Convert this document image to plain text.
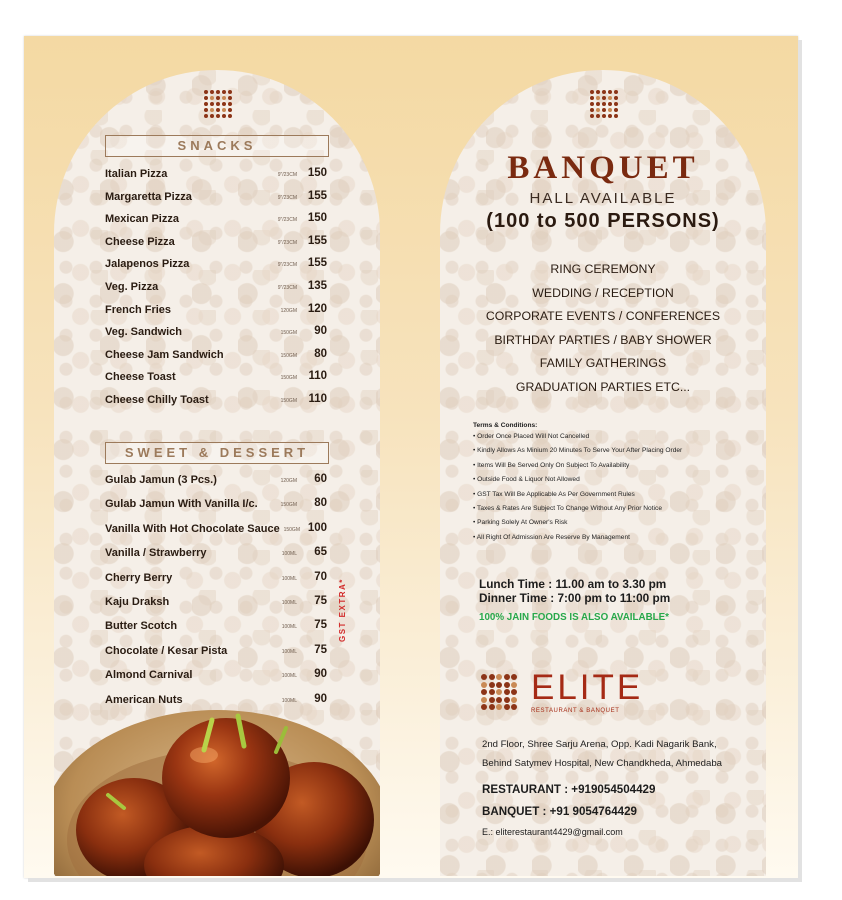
SNACKS
Italian Pizza	9"/23CM 150
Margaretta Pizza	9"/23CM 155
Mexican Pizza	9"/23CM 150
Cheese Pizza	9"/23CM 155
Jalapenos Pizza	9"/23CM 155
Veg. Pizza	9"/23CM 135
French Fries	120GM 120
Veg. Sandwich	150GM	90
Cheese Jam Sandwich	150GM	80
Cheese Toast	150GM 110
Cheese Chilly Toast	150GM 110
SWEET & DESSERT
Gulab Jamun (3 Pcs.)	120GM	60
Gulab Jamun With Vanilla I/c.	150GM	80
Vanilla With Hot Chocolate Sauce 150GM 100
Vanilla / Strawberry	100ML	65
Cherry Berry	100ML	70
Kaju Draksh	100ML	75
Butter Scotch	100ML	75
Chocolate / Kesar Pista	100ML	75
Almond Carnival	100ML	90
American Nuts	100ML	90
GST EXTRA*
BANQUET
HALL AVAILABLE
(100 to 500 PERSONS)
RING CEREMONY
WEDDING / RECEPTION
CORPORATE EVENTS / CONFERENCES
BIRTHDAY PARTIES / BABY SHOWER
FAMILY GATHERINGS
GRADUATION PARTIES ETC...
Terms & Conditions:
• Order Once Placed Will Not Cancelled
• Kindly Allows As Minium 20 Minutes To Serve Your After Placing Order
• Items Will Be Served Only On Subject To Availability
• Outside Food & Liquor Not Allowed
• GST Tax Will Be Applicable As Per Government Rules
• Taxes & Rates Are Subject To Change Without Any Prior Notice
• Parking Solely At Owner's Risk
• All Right Of Admission Are Reserve By Management
Lunch Time : 11.00 am to 3.30 pm
Dinner Time : 7:00 pm to 11:00 pm
100% JAIN FOODS IS ALSO AVAILABLE*
ELITE
RESTAURANT & BANQUET
2nd Floor, Shree Sarju Arena, Opp. Kadi Nagarik Bank,
Behind Satymev Hospital, New Chandkheda, Ahmedaba
RESTAURANT : +919054504429
BANQUET : +91 9054764429
E.: eliterestaurant4429@gmail.com
